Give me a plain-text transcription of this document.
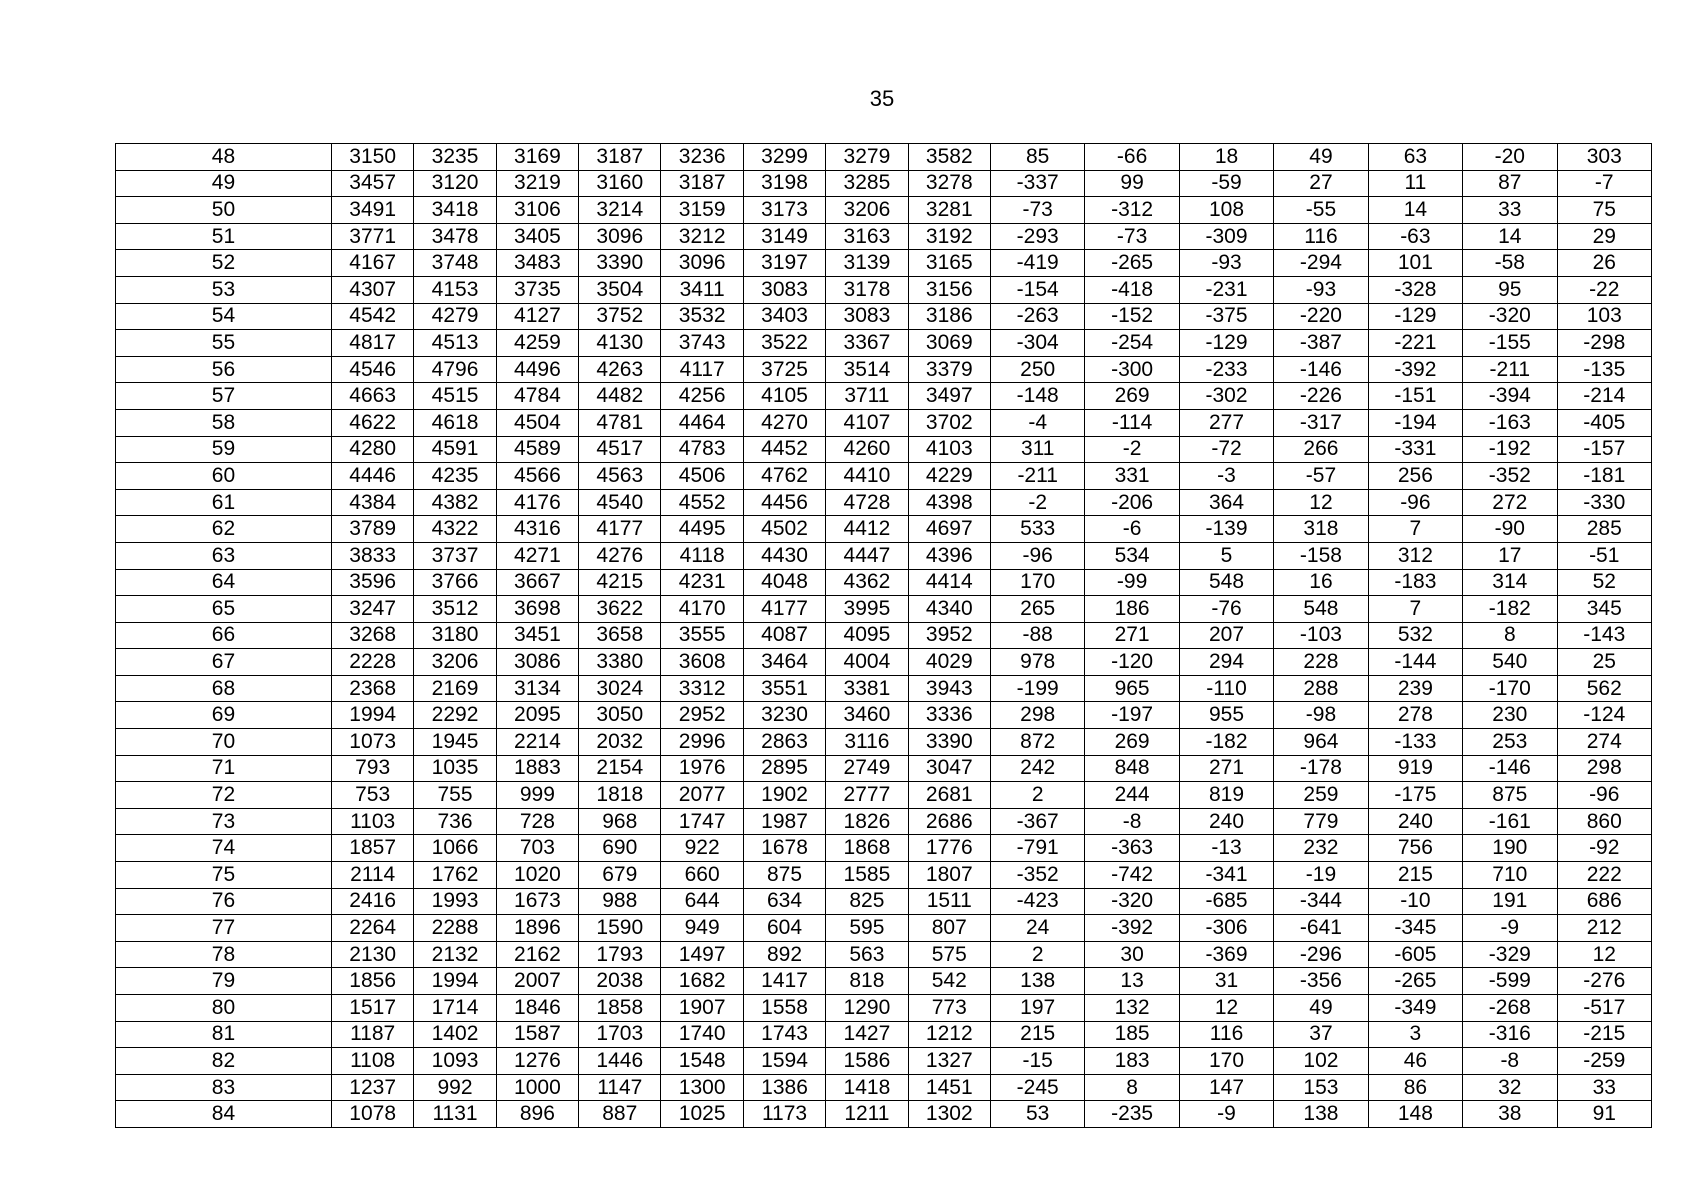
35
48	3150	3235	3169	3187	3236	3299	3279	3582	85	-66	18	49	63	-20	303
49	3457	3120	3219	3160	3187	3198	3285	3278	-337	99	-59	27	11	87	-7
50	3491	3418	3106	3214	3159	3173	3206	3281	-73	-312	108	-55	14	33	75
51	3771	3478	3405	3096	3212	3149	3163	3192	-293	-73	-309	116	-63	14	29
52	4167	3748	3483	3390	3096	3197	3139	3165	-419	-265	-93	-294	101	-58	26
53	4307	4153	3735	3504	3411	3083	3178	3156	-154	-418	-231	-93	-328	95	-22
54	4542	4279	4127	3752	3532	3403	3083	3186	-263	-152	-375	-220	-129	-320	103
55	4817	4513	4259	4130	3743	3522	3367	3069	-304	-254	-129	-387	-221	-155	-298
56	4546	4796	4496	4263	4117	3725	3514	3379	250	-300	-233	-146	-392	-211	-135
57	4663	4515	4784	4482	4256	4105	3711	3497	-148	269	-302	-226	-151	-394	-214
58	4622	4618	4504	4781	4464	4270	4107	3702	-4	-114	277	-317	-194	-163	-405
59	4280	4591	4589	4517	4783	4452	4260	4103	311	-2	-72	266	-331	-192	-157
60	4446	4235	4566	4563	4506	4762	4410	4229	-211	331	-3	-57	256	-352	-181
61	4384	4382	4176	4540	4552	4456	4728	4398	-2	-206	364	12	-96	272	-330
62	3789	4322	4316	4177	4495	4502	4412	4697	533	-6	-139	318	7	-90	285
63	3833	3737	4271	4276	4118	4430	4447	4396	-96	534	5	-158	312	17	-51
64	3596	3766	3667	4215	4231	4048	4362	4414	170	-99	548	16	-183	314	52
65	3247	3512	3698	3622	4170	4177	3995	4340	265	186	-76	548	7	-182	345
66	3268	3180	3451	3658	3555	4087	4095	3952	-88	271	207	-103	532	8	-143
67	2228	3206	3086	3380	3608	3464	4004	4029	978	-120	294	228	-144	540	25
68	2368	2169	3134	3024	3312	3551	3381	3943	-199	965	-110	288	239	-170	562
69	1994	2292	2095	3050	2952	3230	3460	3336	298	-197	955	-98	278	230	-124
70	1073	1945	2214	2032	2996	2863	3116	3390	872	269	-182	964	-133	253	274
71	793	1035	1883	2154	1976	2895	2749	3047	242	848	271	-178	919	-146	298
72	753	755	999	1818	2077	1902	2777	2681	2	244	819	259	-175	875	-96
73	1103	736	728	968	1747	1987	1826	2686	-367	-8	240	779	240	-161	860
74	1857	1066	703	690	922	1678	1868	1776	-791	-363	-13	232	756	190	-92
75	2114	1762	1020	679	660	875	1585	1807	-352	-742	-341	-19	215	710	222
76	2416	1993	1673	988	644	634	825	1511	-423	-320	-685	-344	-10	191	686
77	2264	2288	1896	1590	949	604	595	807	24	-392	-306	-641	-345	-9	212
78	2130	2132	2162	1793	1497	892	563	575	2	30	-369	-296	-605	-329	12
79	1856	1994	2007	2038	1682	1417	818	542	138	13	31	-356	-265	-599	-276
80	1517	1714	1846	1858	1907	1558	1290	773	197	132	12	49	-349	-268	-517
81	1187	1402	1587	1703	1740	1743	1427	1212	215	185	116	37	3	-316	-215
82	1108	1093	1276	1446	1548	1594	1586	1327	-15	183	170	102	46	-8	-259
83	1237	992	1000	1147	1300	1386	1418	1451	-245	8	147	153	86	32	33
84	1078	1131	896	887	1025	1173	1211	1302	53	-235	-9	138	148	38	91
